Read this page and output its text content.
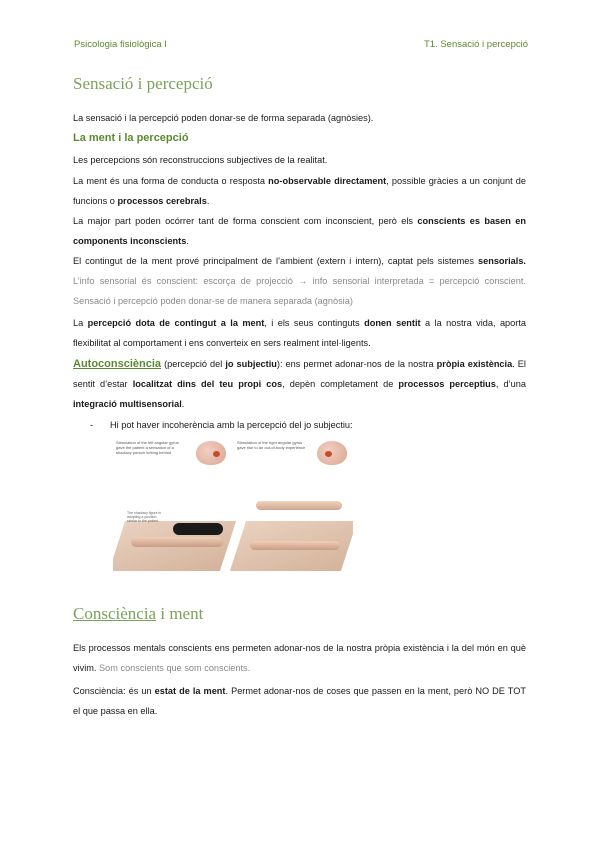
Psicologia fisiològica I	T1. Sensació i percepció
Sensació i percepció
La sensació i la percepció poden donar-se de forma separada (agnòsies).
La ment i la percepció
Les percepcions són reconstruccions subjectives de la realitat.
La ment és una forma de conducta o resposta no-observable directament, possible gràcies a un conjunt de funcions o processos cerebrals.
La major part poden ocórrer tant de forma conscient com inconscient, però els conscients es basen en components inconscients.
El contingut de la ment prové principalment de l’ambient (extern i intern), captat pels sistemes sensorials. L’info sensorial és conscient: escorça de projecció → info sensorial interpretada = percepció conscient. Sensació i percepció poden donar-se de manera separada (agnòsia)
La percepció dota de contingut a la ment, i els seus continguts donen sentit a la nostra vida, aporta flexibilitat al comportament i ens converteix en sers realment intel·ligents.
Autoconsciència (percepció del jo subjectiu): ens permet adonar-nos de la nostra pròpia existència. El sentit d’estar localitzat dins del teu propi cos, depèn completament de processos perceptius, d’una integració multisensorial.
- Hi pot haver incoherència amb la percepció del jo subjectiu:
Stimulation of the left angular gyrus gave the patient a sensation of a shadowy person lurking behind
The shadowy figure is adopting a position similar to the patient
Stimulation of the right angular gyrus gave rise to an out-of-body experience
Consciència i ment
Els processos mentals conscients ens permeten adonar-nos de la nostra pròpia existència i la del món en què vivim. Som conscients que som conscients.
Consciència: és un estat de la ment. Permet adonar-nos de coses que passen en la ment, però NO DE TOT el que passa en ella.
